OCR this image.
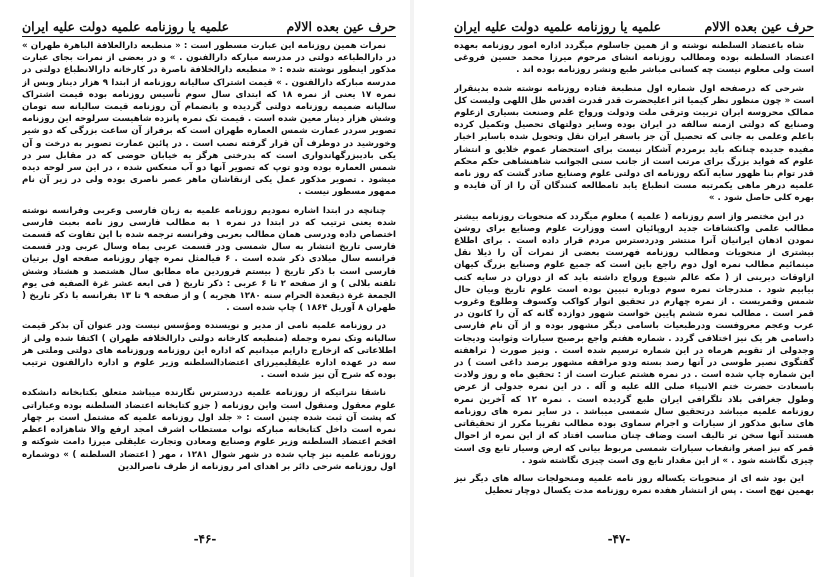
حرف عین بعده الالام
علمیه یا روزنامه علمیه دولت علیه ایران

نمرات همین روزنامه این عبارت مسطور است : « منطبعه دارالعلافة الباهرة طهران » در دارالطباعه دولتی در مدرسه مبارکه دارالفنون . » و در بعضی از نمرات بجای عبارت مذکور اینطور نوشته شده : « منطبعه دارالخلافة ناصرة در کارخانه دارالانطباع دولتی در مدرسه مبارکه دارالفنون . » قیمت اشتراک سالیانه روزنامه از ابتدا ۹ هزار دینار وبس از نمره ۱۷ یعنی از نمره ۱۸ که ابتدای سال سوم تأسیس روزنامه بوده قیمت اشتراک سالیانه ضمیمه روزنامه دولتی گردیده و بانضمام آن روزنامه قیمت سالیانه سه تومان وشش هزار دینار معین شده است . قیمت تک نمره پانزده شاهیست سرلوحه این روزنامه تصویر سردر عمارت شمس العماره طهران است که برفراز آن ساعت بزرگی که دو شیر وخورشید در دوطرف آن قرار گرفته نصب است . در پائین عمارت تصویر به درخت و آن یکی بادیبزرگهاندواری است که بدرختی هرگز به خیابان حوضی که در مقابل سر در شمس العماره بوده ودو توپ که تصویر آنها دو آب منعکس شده ، در این سر لوحه دیده میشود . تصویر مذکور عمل یکی ازنقاشان ماهر عصر ناصری بوده ولی در زیر آن نام ممهور مسطور نیست .

چنانچه در ابتدا اشاره نمودیم روزنامه علمیه به زبان فارسی وعربی وفرانسه نوشته شده یعنی ترتیب که در ابتدا در نمره ۱ به مطالب فارسی روز نامه بعبت فارسی اختصاص داده ودرسی همان مطالب بعربی وفرانسه ترجمه شده با این تفاوت که قسمت فارسی تاریخ انتشار به سال شمسی ودر قسمت عربی بماه وسال عربی ودر قسمت فرانسه سال میلادی ذکر شده است . ۶ فیالمثل نمره چهار روزنامه صفحه اول برتیان فارسی است با ذکر تاریخ ( بیستم فروردین ماه مطابق سال هشتصد و هشتاد وشش تلفته بلالی ) و از صفحه ۲ تا ۶ عربی : ذکر تاریخ ( فی ابعه عشر غرة الصفیه فی یوم الجمعة غرة ذیقعدة الحرام سنه ۱۲۸۰ هجریه ) و از صفحه ۹ تا ۱۳ بفرانسه با ذکر تاریخ ( طهران ۸ آوریل ۱۸۶۴ ) چاپ شده است .

در روزنامه علمیه نامی از مدیر و نویسنده ومؤسس نیست ودر عنوان آن بذکر قیمت سالیانه وتک نمره وجمله (منطبعه کارخانه دولتی دارالخلافه طهران ) اکتفا شده ولی از اطلاعاتی که ازخارج دارایم میدانیم که اداره این روزنامه وروزنامه های دولتی وملتی هر سه در عهده اداره علیقلیمیرزای اعتضادالسلطنه وزیر علوم و اداره دارالفنون ترتیب بوده که شرح آن نیز شده است .

ناشقا نتراتیکه از روزنامه علمیه دردسترس نگارنده میباشد متعلق بکتابخانه دانشکده علوم معقول ومنقول است واین روزنامه ( جزو کتابخانه اعتضاد السلطنه بوده وعباراتی که پشت آن ثبت شده چنین است : « جلد اول روزنامه علمیه که مشتمل است بر چهار نمره است داخل کتابخانه مبارکه نواب مستطاب اشرف امجد ارفع والا شاهزاده اعظم افخم اعتضاد السلطنه وزیر علوم وصنایع ومعادن وتجارت علیقلی میرزا دامت شوکته و روزنامه علمیه نیز چاپ شده در شهر شوال ۱۲۸۱ ، مهر ( اعتضاد السلطنه ) » دوشماره اول روزنامه شرحی دائر بر اهدای امر روزنامه از طرف ناصرالدین

-۴۶-
حرف عین بعده الالام
علمیه یا روزنامه علمیه دولت علیه ایران

شاه باعتضاد السلطنه نوشته و از همین جاسلوم میگردد اداره امور روزنامه بعهده اعتضاد السلطنه بوده ومطالب روزنامه انشای مرحوم میرزا محمد حسین فروغی است ولی معلوم نیست چه کسانی مباشر طبع ونشر روزنامه بوده اند .

شرحی که درصفحه اول شماره اول منطبعة فتاده روزنامه نوشته شده بدینقرار است « چون منظور نظر کیمیا اثر اعلیحضرت قدر قدرت اقدس ظل اللهی ولیست کل ممالک محروسه ایران تربیت وترقی ملت ودولت ورواج علم وصنعت بسیاری ازعلوم وصنایع که دولتی ازمنه سالفه در ایران بوده وسایر دولتهای تحصیل وتکمیل کرده باعلم وعلمی به جانی که تحصیل آن جز باسفر ایران نقل وتحویل شده باسایر اخبار مفیده جدیده چنانکه باید برمردم آشکار نیست برای استحضار عموم خلایق و انتشار علوم که فواید بزرگ برای مرتب است از جانب سنی الجوانب شاهنشاهی حکم محکم قدر توام بنا ظهور سایه آنکه روزنامه ای دولتی علوم وصنایع صادر گشت که روز نامه علمیه درهر ماهی یکمرتبه مست انطباع یابد تامطالعه کنندگان آن را از آن فایده و بهره کلی حاصل شود . »

در این مختصر واز اسم روزنامه ( علمیه ) معلوم میگردد که منحویات روزنامه بیشتر مطالب علمی واکتشافات جدید اروپائیان است ووزارت علوم وصنایع برای روشن نمودن اذهان ایرانیان آنرا منتشر ودردسترس مردم قرار داده است . برای اطلاع بیشتری از منحویات ومطالب روزنامه فهرست بعضی از نمرات آن را ذیلا نقل مینمائیم مطالب نمره اول دوم راجع باین است که جمیع علوم وصنایع بزرگ کیهان ازاوقات دیرینی از ( مکه عالم شیوع ورواج داشته باید که از دوران در سایه کتب بیابیم شود . مندرجات نمره سوم دوباره تبیین بوده است علوم تاریخ وبیان حال شمس وقمریست . از نمره چهارم در تحقیق انوار کواکب وکسوف وطلوع وغروب قمر است . مطالب نمره ششم پایین خواست شهور دوازده گانه که آن را کانون در عرب وعجم معروفست ودرطبعیات باسامی دیگر مشهور بوده و از آن نام فارسی داسامی هر یک نیز اختلافی گردد . شماره هفتم واجع برصبح سیارات وثوابت ودیجات وجدولی از تقویم هرماه در این شماره ترسیم شده است . ونیز صورت ( تراهفته گفتگوی نصیر طوسی در آنها رصد بسته ودو مرافقه مشهور برصد داغی است ) در این شماره چاپ شده است . در نمره هشتم عبارت است از : تحقیق ماه و روز ولادت باسعادت حضرت ختم الانبیاء صلی الله علیه و آله . در این نمره جدولی از عرض وطول جغرافی بلاد تلگرافی ایران طبع گردیده است . نمره ۱۲ که آخرین نمره روزنامه علمیه میباشد درتحقیق سال شمسی میباشد . در سایر نمره های روزنامه های سابق مذکور از سیارات و اجرام سماوی بوده مطالب تقریبا مکرر از تحقیقاتی هستند آنها سخن تر تالیف است وضاف چنان مناسب افتاد که از این نمره از احوال قمر که نیز اصغر وانفعاب سیارات شمسی مربوط بیانی که ارض وسیار تابع وی است چیزی نگاشته شود . » از این مقدار تابع وی است چیزی نگاشته شود .

این بود شه ای از منحویات یکساله روز نامه علمیه ومنحولجات ساله های دیگر نیز بهمین نهج است . پس از انتشار هفده نمره روزنامه مدت یکسال دوچار تعطیل

-۴۷-
